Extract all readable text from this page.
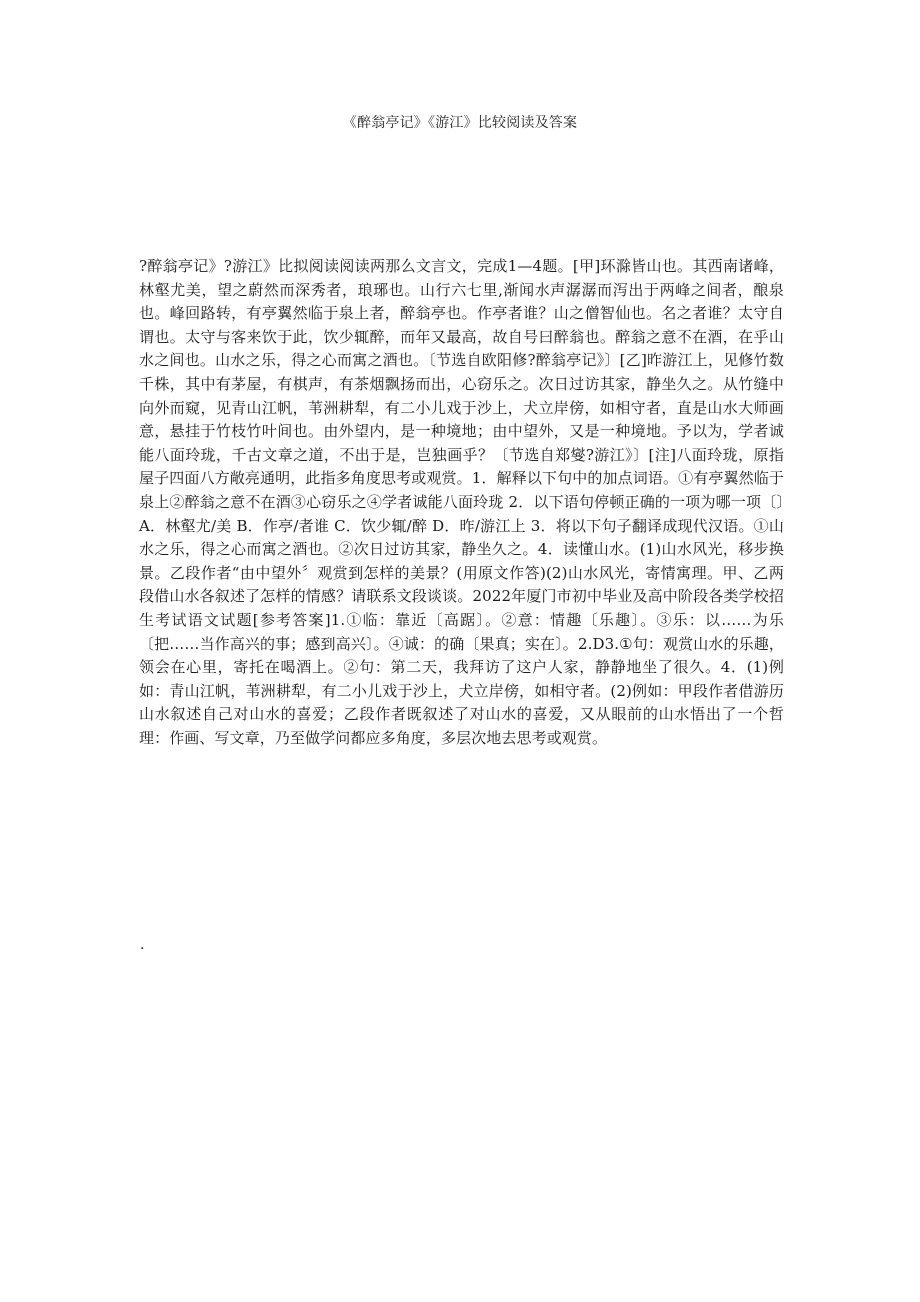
《醉翁亭记》《游江》比较阅读及答案

?醉翁亭记》?游江》比拟阅读阅读两那么文言文，完成1—4题。[甲]环滁皆山也。其西南诸峰，林壑尤美，望之蔚然而深秀者，琅琊也。山行六七里,渐闻水声潺潺而泻出于两峰之间者，酿泉也。峰回路转，有亭翼然临于泉上者，醉翁亭也。作亭者谁？山之僧智仙也。名之者谁？太守自谓也。太守与客来饮于此，饮少辄醉，而年又最高，故自号曰醉翁也。醉翁之意不在酒，在乎山水之间也。山水之乐，得之心而寓之酒也。〔节选自欧阳修?醉翁亭记》〕[乙]昨游江上，见修竹数千株，其中有茅屋，有棋声，有茶烟飘扬而出，心窃乐之。次日过访其家，静坐久之。从竹缝中向外而窥，见青山江帆，苇洲耕犁，有二小儿戏于沙上，犬立岸傍，如相守者，直是山水大师画意，悬挂于竹枝竹叶间也。由外望内，是一种境地；由中望外，又是一种境地。予以为，学者诚能八面玲珑，千古文章之道，不出于是，岂独画乎？〔节选自郑燮?游江》〕[注]八面玲珑，原指屋子四面八方敞亮通明，此指多角度思考或观赏。1．解释以下句中的加点词语。①有亭翼然临于泉上②醉翁之意不在酒③心窃乐之④学者诚能八面玲珑 2．以下语句停顿正确的一项为哪一项〔〕A．林壑尤/美 B．作亭/者谁 C．饮少辄/醉 D．昨/游江上 3．将以下句子翻译成现代汉语。①山水之乐，得之心而寓之酒也。②次日过访其家，静坐久之。4．读懂山水。(1)山水风光，移步换景。乙段作者“由中望外〞观赏到怎样的美景？(用原文作答)(2)山水风光，寄情寓理。甲、乙两段借山水各叙述了怎样的情感？请联系文段谈谈。2022年厦门市初中毕业及高中阶段各类学校招生考试语文试题[参考答案]1.①临：靠近〔高踞〕。②意：情趣〔乐趣〕。③乐：以……为乐〔把……当作高兴的事；感到高兴〕。④诚：的确〔果真；实在〕。2.D3.①句：观赏山水的乐趣，领会在心里，寄托在喝酒上。②句：第二天，我拜访了这户人家，静静地坐了很久。4．(1)例如：青山江帆，苇洲耕犁，有二小儿戏于沙上，犬立岸傍，如相守者。(2)例如：甲段作者借游历山水叙述自己对山水的喜爱；乙段作者既叙述了对山水的喜爱，又从眼前的山水悟出了一个哲理：作画、写文章，乃至做学问都应多角度，多层次地去思考或观赏。

.
